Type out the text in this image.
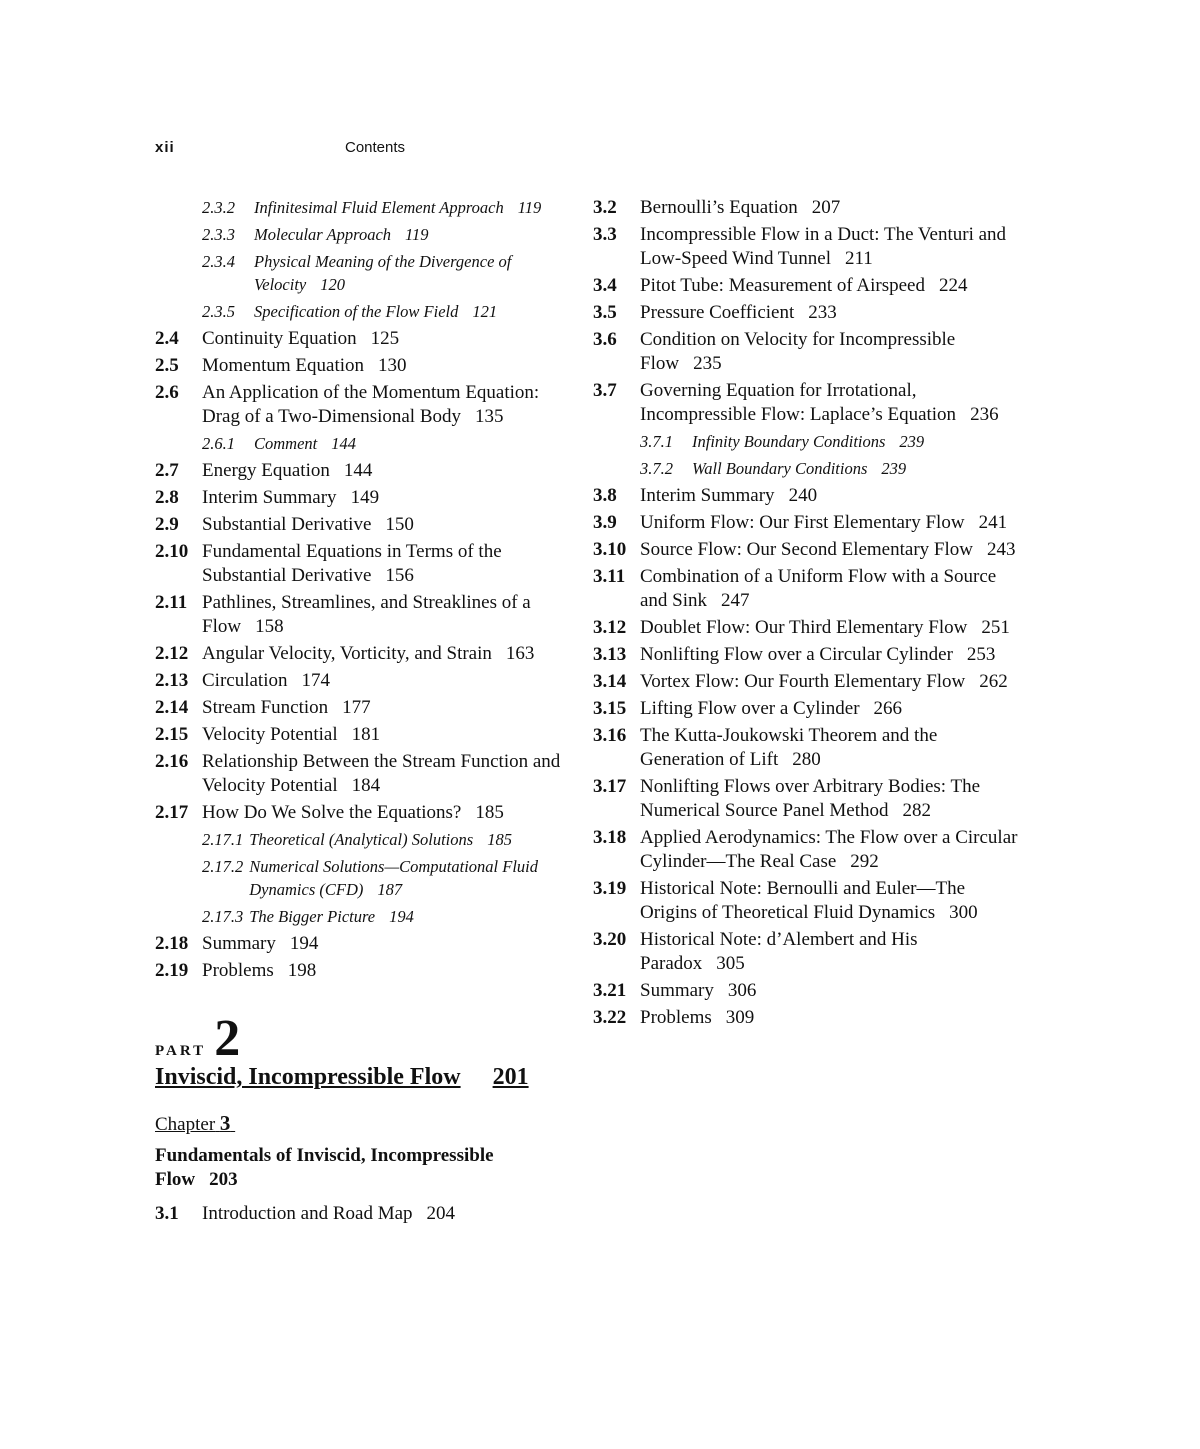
xii	Contents
2.3.2	Infinitesimal Fluid Element Approach 119
2.3.3	Molecular Approach 119
2.3.4	Physical Meaning of the Divergence of Velocity 120
2.3.5	Specification of the Flow Field 121
2.4	Continuity Equation 125
2.5	Momentum Equation 130
2.6	An Application of the Momentum Equation: Drag of a Two-Dimensional Body 135
2.6.1	Comment 144
2.7	Energy Equation 144
2.8	Interim Summary 149
2.9	Substantial Derivative 150
2.10 Fundamental Equations in Terms of the Substantial Derivative 156
2.11 Pathlines, Streamlines, and Streaklines of a Flow 158
2.12 Angular Velocity, Vorticity, and Strain 163
2.13 Circulation 174
2.14 Stream Function 177
2.15 Velocity Potential 181
2.16 Relationship Between the Stream Function and Velocity Potential 184
2.17 How Do We Solve the Equations? 185
2.17.1 Theoretical (Analytical) Solutions 185
2.17.2 Numerical Solutions—Computational Fluid Dynamics (CFD) 187
2.17.3 The Bigger Picture 194
2.18 Summary 194
2.19 Problems 198
PART 2
Inviscid, Incompressible Flow 201
Chapter 3
Fundamentals of Inviscid, Incompressible Flow 203
3.1	Introduction and Road Map 204
3.2	Bernoulli’s Equation 207
3.3	Incompressible Flow in a Duct: The Venturi and Low-Speed Wind Tunnel 211
3.4	Pitot Tube: Measurement of Airspeed 224
3.5	Pressure Coefficient 233
3.6	Condition on Velocity for Incompressible Flow 235
3.7	Governing Equation for Irrotational, Incompressible Flow: Laplace’s Equation 236
3.7.1	Infinity Boundary Conditions 239
3.7.2	Wall Boundary Conditions 239
3.8	Interim Summary 240
3.9	Uniform Flow: Our First Elementary Flow 241
3.10 Source Flow: Our Second Elementary Flow 243
3.11 Combination of a Uniform Flow with a Source and Sink 247
3.12 Doublet Flow: Our Third Elementary Flow 251
3.13 Nonlifting Flow over a Circular Cylinder 253
3.14 Vortex Flow: Our Fourth Elementary Flow 262
3.15 Lifting Flow over a Cylinder 266
3.16 The Kutta-Joukowski Theorem and the Generation of Lift 280
3.17 Nonlifting Flows over Arbitrary Bodies: The Numerical Source Panel Method 282
3.18 Applied Aerodynamics: The Flow over a Circular Cylinder—The Real Case 292
3.19 Historical Note: Bernoulli and Euler—The Origins of Theoretical Fluid Dynamics 300
3.20 Historical Note: d’Alembert and His Paradox 305
3.21 Summary 306
3.22 Problems 309
